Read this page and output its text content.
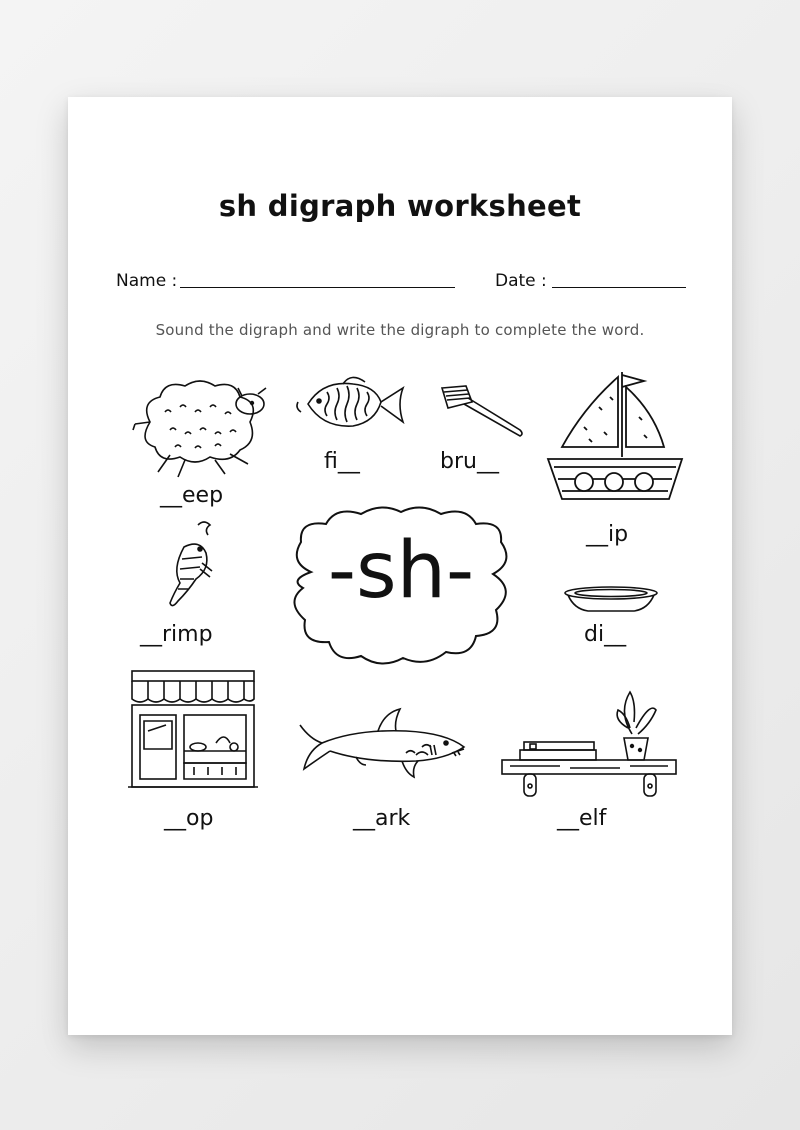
sh digraph worksheet
Name :	Date :
Sound the digraph and write the digraph to complete the word.
__eep
fi__	bru__
__ip
__rimp
-sh-
di__
__op	__ark	__elf
